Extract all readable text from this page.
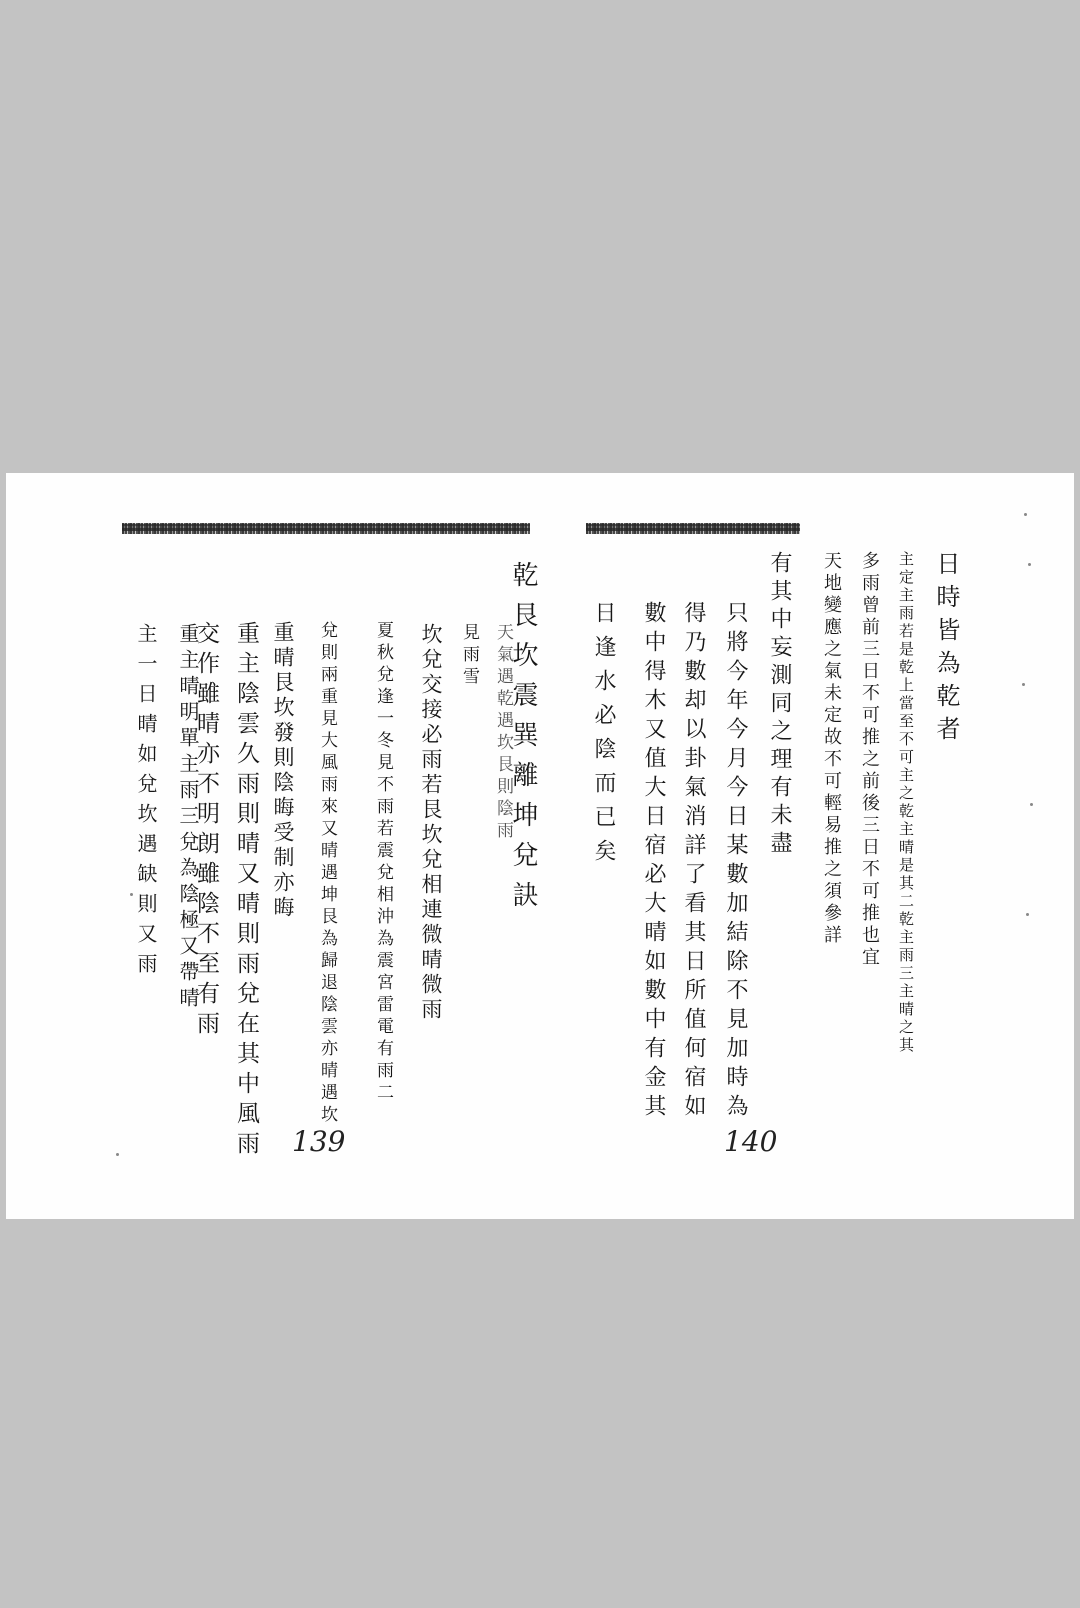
乾艮坎震巽離坤兌訣
天氣遇乾遇坎艮則陰雨
見雨雪
坎兌交接必雨若艮坎兌相連微晴微雨
夏秋兌逢一冬見不雨若震兌相沖為震宮雷電有雨二
兌則兩重見大風雨來又晴遇坤艮為歸退陰雲亦晴遇坎
重晴艮坎發則陰晦受制亦晦
重主陰雲久雨則晴又晴則雨兌在其中風雨
交作雖晴亦不明朗雖陰不至有雨
重主晴明單主雨三兌為陰極又帶晴
主一日晴如兌坎遇缺則又雨
139
日時皆為乾者
主定主雨若是乾上當至不可主之乾主晴是其二乾主雨三主晴之其
多雨曾前三日不可推之前後三日不可推也宜
天地變應之氣未定故不可輕易推之須參詳
有其中妄測同之理有未盡
只將今年今月今日某數加結除不見加時為
得乃數却以卦氣消詳了看其日所值何宿如
數中得木又值大日宿必大晴如數中有金其
日逢水必陰而已矣
140
